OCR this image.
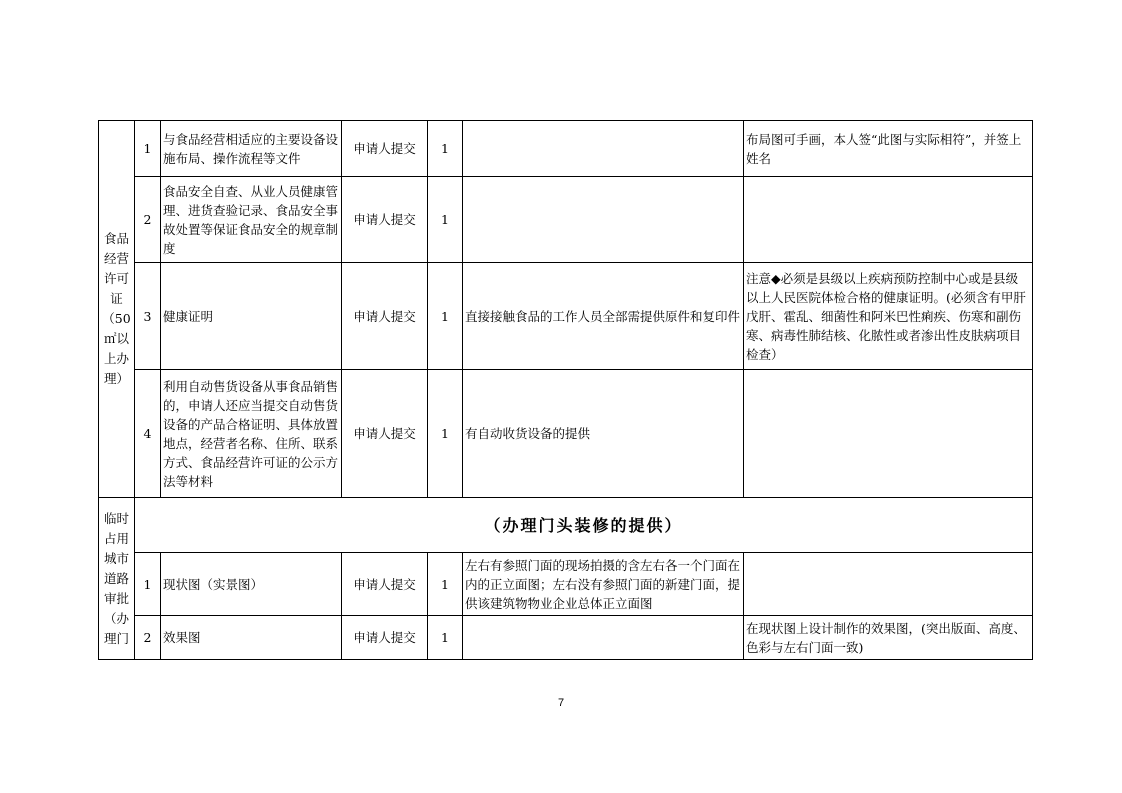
食品经营许可证（50㎡以上办理）	1	与食品经营相适应的主要设备设施布局、操作流程等文件	申请人提交	1		布局图可手画，本人签“此图与实际相符”，并签上姓名
	2	食品安全自查、从业人员健康管理、进货查验记录、食品安全事故处置等保证食品安全的规章制度	申请人提交	1		
	3	健康证明	申请人提交	1	直接接触食品的工作人员全部需提供原件和复印件	注意◆必须是县级以上疾病预防控制中心或是县级以上人民医院体检合格的健康证明。(必须含有甲肝戊肝、霍乱、细菌性和阿米巴性痢疾、伤寒和副伤寒、病毒性肺结核、化脓性或者渗出性皮肤病项目检查）
	4	利用自动售货设备从事食品销售的，申请人还应当提交自动售货设备的产品合格证明、具体放置地点，经营者名称、住所、联系方式、食品经营许可证的公示方法等材料	申请人提交	1	有自动收货设备的提供	
临时占用城市道路审批（办理门	（办理门头装修的提供）					
	1	现状图（实景图）	申请人提交	1	左右有参照门面的现场拍摄的含左右各一个门面在内的正立面图；左右没有参照门面的新建门面，提供该建筑物物业企业总体正立面图	
	2	效果图	申请人提交	1		在现状图上设计制作的效果图，(突出版面、高度、色彩与左右门面一致)
7
